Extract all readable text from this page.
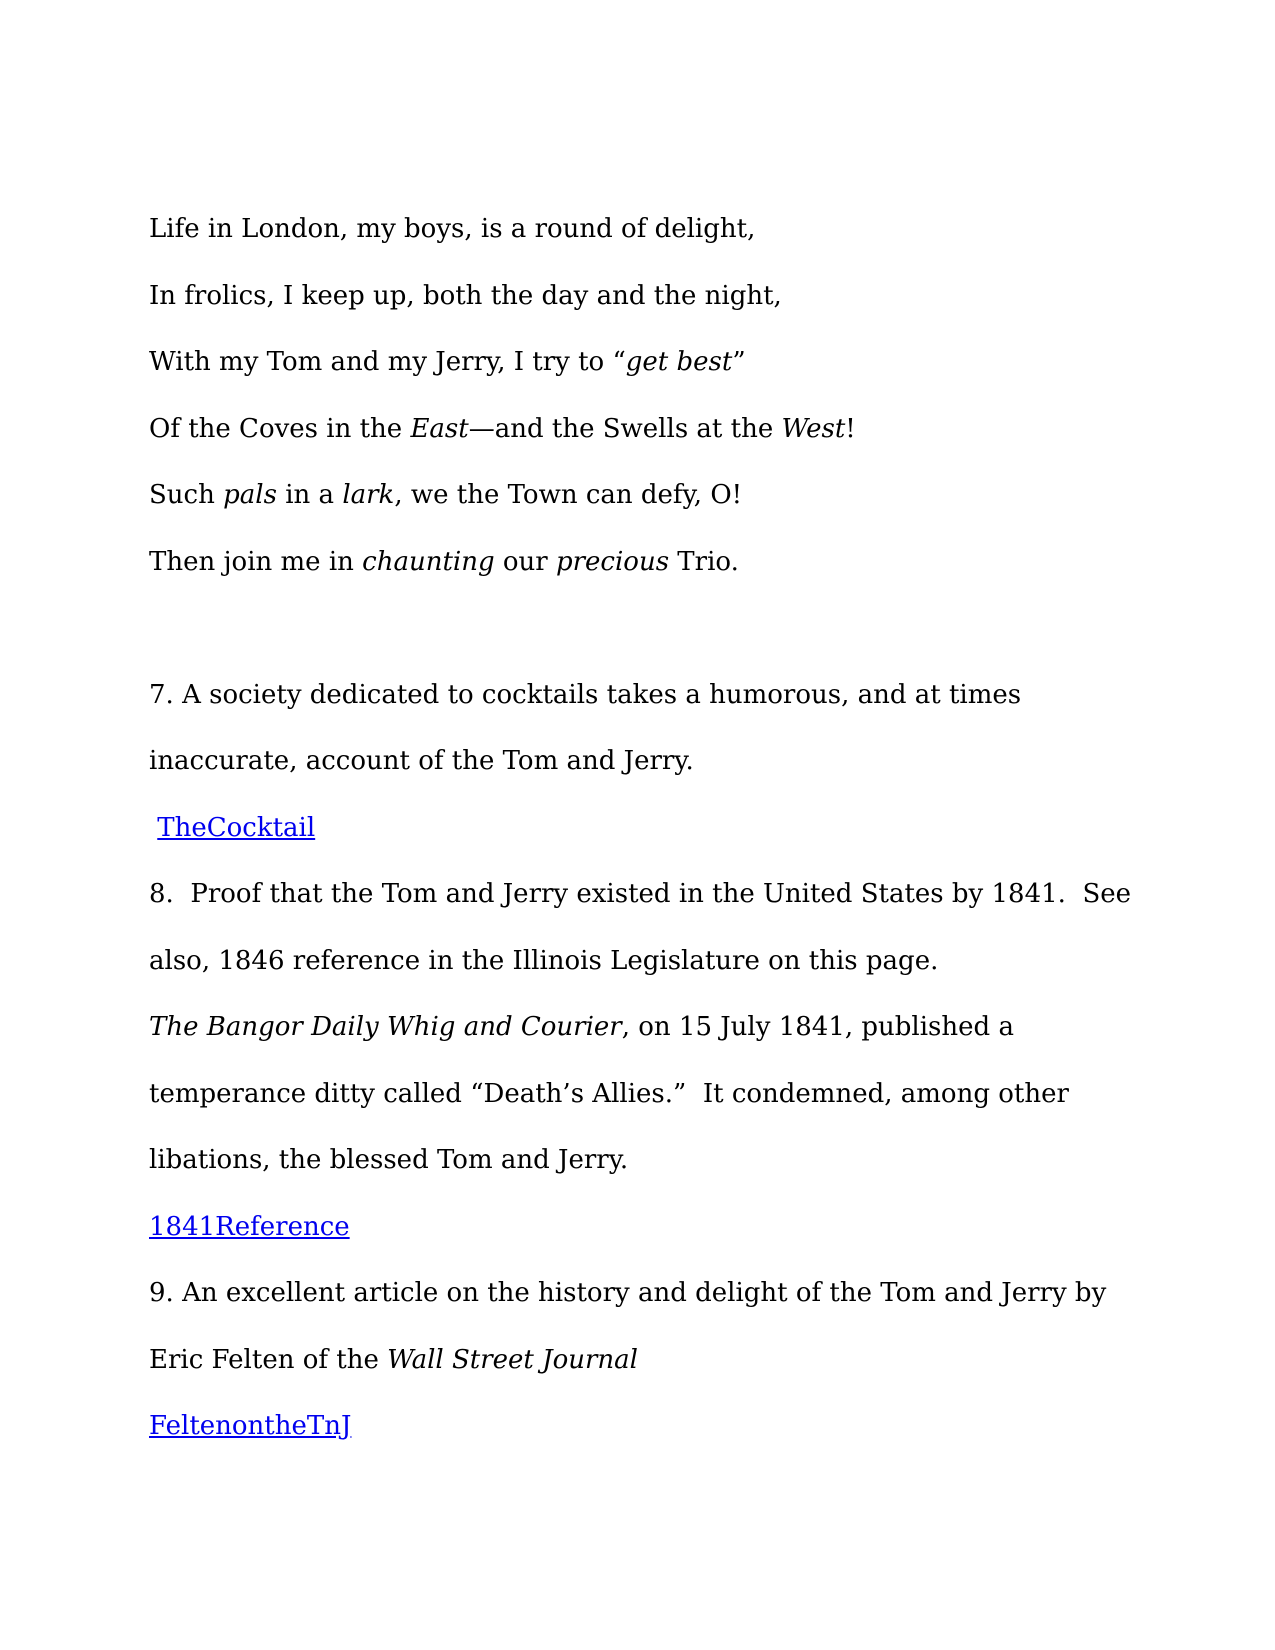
Life in London, my boys, is a round of delight,
In frolics, I keep up, both the day and the night,
With my Tom and my Jerry, I try to “get best”
Of the Coves in the East—and the Swells at the West!
Such pals in a lark, we the Town can defy, O!
Then join me in chaunting our precious Trio.

7. A society dedicated to cocktails takes a humorous, and at times
inaccurate, account of the Tom and Jerry.
TheCocktail
8.  Proof that the Tom and Jerry existed in the United States by 1841.  See
also, 1846 reference in the Illinois Legislature on this page.
The Bangor Daily Whig and Courier, on 15 July 1841, published a
temperance ditty called “Death’s Allies.”  It condemned, among other
libations, the blessed Tom and Jerry.
1841Reference
9. An excellent article on the history and delight of the Tom and Jerry by
Eric Felten of the Wall Street Journal
FeltenontheTnJ
